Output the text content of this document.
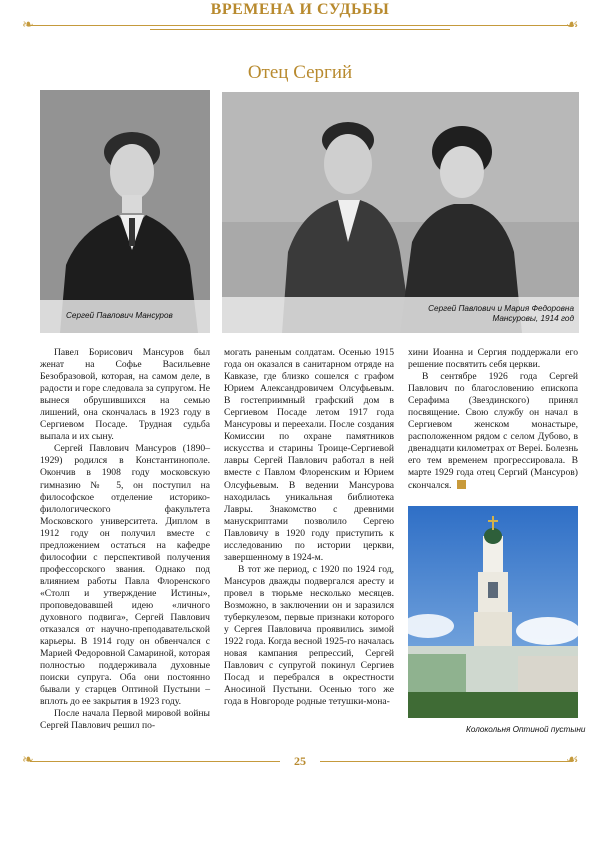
ВРЕМЕНА И СУДЬБЫ
❧	☙
Отец Сергий
Сергей Павлович Мансуров
Сергей Павлович и Мария Федоровна
Мансуровы, 1914 год

Павел Борисович Мансуров был женат на Софье Васильевне Безобразовой, которая, на самом деле, в радости и горе следовала за супругом. Не вынеся обрушившихся на семью лишений, она скончалась в 1923 году в Сергиевом Посаде. Трудная судьба выпала и их сыну.

Сергей Павлович Мансуров (1890–1929) родился в Константинополе. Окончив в 1908 году московскую гимназию № 5, он поступил на философское отделение историко-филологического факультета Московского университета. Диплом в 1912 году он получил вместе с предложением остаться на кафедре философии с перспективой получения профессорского звания. Однако под влиянием работы Павла Флоренского «Столп и утверждение Истины», проповедовавшей идею «личного духовного подвига», Сергей Павлович отказался от научно-преподавательской карьеры. В 1914 году он обвенчался с Марией Федоровной Самариной, которая полностью поддерживала духовные поиски супруга. Оба они постоянно бывали у старцев Оптиной Пустыни – вплоть до ее закрытия в 1923 году.

После начала Первой мировой войны Сергей Павлович решил по-

могать раненым солдатам. Осенью 1915 года он оказался в санитарном отряде на Кавказе, где близко сошелся с графом Юрием Александровичем Олсуфьевым. В гостеприимный графский дом в Сергиевом Посаде летом 1917 года Мансуровы и переехали. После создания Комиссии по охране памятников искусства и старины Троице-Сергиевой лавры Сергей Павлович работал в ней вместе с Павлом Флоренским и Юрием Олсуфьевым. В ведении Мансурова находилась уникальная библиотека Лавры. Знакомство с древними манускриптами позволило Сергею Павловичу в 1920 году приступить к исследованию по истории церкви, завершенному в 1924-м.

В тот же период, с 1920 по 1924 год, Мансуров дважды подвергался аресту и провел в тюрьме несколько месяцев. Возможно, в заключении он и заразился туберкулезом, первые признаки которого у Сергея Павловича проявились зимой 1922 года. Когда весной 1925-го началась новая кампания репрессий, Сергей Павлович с супругой покинул Сергиев Посад и перебрался в окрестности Аносиной Пустыни. Осенью того же года в Новгороде родные тетушки-мона-

хини Иоанна и Сергия поддержали его решение посвятить себя церкви.

В сентябре 1926 года Сергей Павлович по благословению епископа Серафима (Звездинского) принял посвящение. Свою службу он начал в Сергиевом женском монастыре, расположенном рядом с селом Дубово, в двенадцати километрах от Верei. Болезнь его тем временем прогрессировала. В марте 1929 года отец Сергий (Мансуров) скончался.

Колокольня Оптиной пустыни
❧	☙
25
